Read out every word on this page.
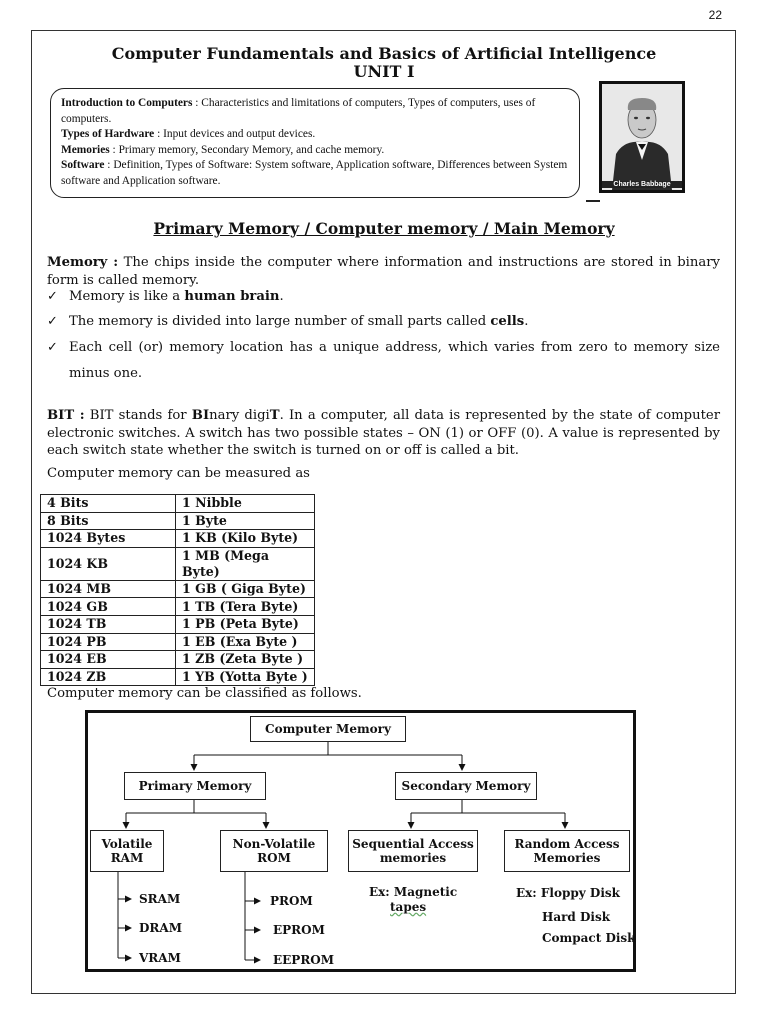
22
Computer Fundamentals and Basics of Artificial Intelligence
UNIT I
Introduction to Computers : Characteristics and limitations of computers, Types of computers, uses of computers.
Types of Hardware : Input devices and output devices.
Memories : Primary memory, Secondary Memory, and cache memory.
Software : Definition, Types of Software: System software, Application software, Differences between System software and Application software.	Charles Babbage
Primary Memory / Computer memory / Main Memory
Memory : The chips inside the computer where information and instructions are stored in binary form is called memory.
✓ Memory is like a human brain.
✓ The memory is divided into large number of small parts called cells.
✓ Each cell (or) memory location has a unique address, which varies from zero to memory size minus one.
BIT : BIT stands for BInary digiT. In a computer, all data is represented by the state of computer electronic switches. A switch has two possible states – ON (1) or OFF (0). A value is represented by each switch state whether the switch is turned on or off is called a bit.
Computer memory can be measured as
4 Bits	1 Nibble
8 Bits	1 Byte
1024 Bytes	1 KB (Kilo Byte)
1024 KB	1 MB (Mega Byte)
1024 MB	1 GB ( Giga Byte)
1024 GB	1 TB (Tera Byte)
1024 TB	1 PB (Peta Byte)
1024 PB	1 EB (Exa Byte )
1024 EB	1 ZB (Zeta Byte )
1024 ZB	1 YB (Yotta Byte )
Computer memory can be classified as follows.
Computer Memory
Primary Memory	Secondary Memory
Volatile
RAM
Non-Volatile
ROM
Sequential Access
memories
Random Access
Memories
SRAM
DRAM
VRAM
PROM
EPROM
EEPROM
Ex: Magnetic
tapes
Ex: Floppy Disk
Hard Disk
Compact Disk
